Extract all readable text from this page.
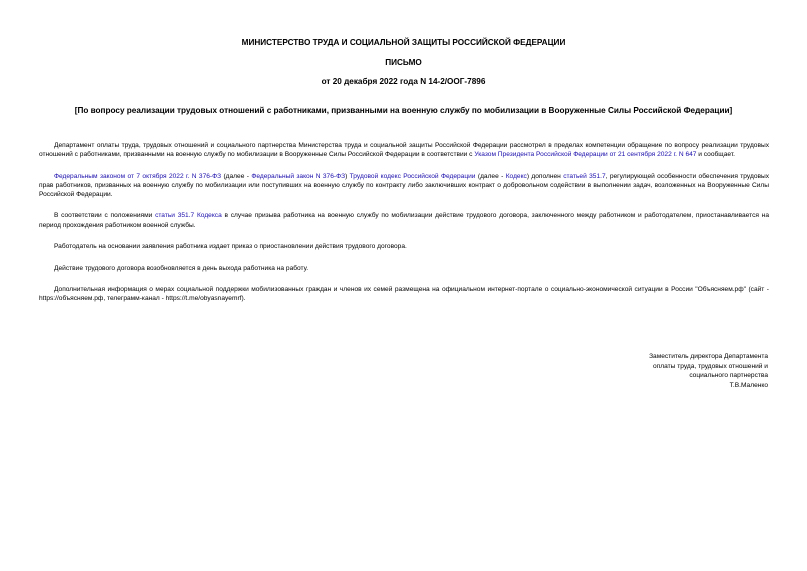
МИНИСТЕРСТВО ТРУДА И СОЦИАЛЬНОЙ ЗАЩИТЫ РОССИЙСКОЙ ФЕДЕРАЦИИ
ПИСЬМО
от 20 декабря 2022 года N 14-2/ООГ-7896
[По вопросу реализации трудовых отношений с работниками, призванными на военную службу по мобилизации в Вооруженные Силы Российской Федерации]

Департамент оплаты труда, трудовых отношений и социального партнерства Министерства труда и социальной защиты Российской Федерации рассмотрел в пределах компетенции обращение по вопросу реализации трудовых отношений с работниками, призванными на военную службу по мобилизации в Вооруженные Силы Российской Федерации в соответствии с Указом Президента Российской Федерации от 21 сентября 2022 г. N 647 и сообщает.

Федеральным законом от 7 октября 2022 г. N 376-ФЗ (далее - Федеральный закон N 376-ФЗ) Трудовой кодекс Российской Федерации (далее - Кодекс) дополнен статьей 351.7, регулирующей особенности обеспечения трудовых прав работников, призванных на военную службу по мобилизации или поступивших на военную службу по контракту либо заключивших контракт о добровольном содействии в выполнении задач, возложенных на Вооруженные Силы Российской Федерации.

В соответствии с положениями статьи 351.7 Кодекса в случае призыва работника на военную службу по мобилизации действие трудового договора, заключенного между работником и работодателем, приостанавливается на период прохождения работником военной службы.

Работодатель на основании заявления работника издает приказ о приостановлении действия трудового договора.

Действие трудового договора возобновляется в день выхода работника на работу.

Дополнительная информация о мерах социальной поддержки мобилизованных граждан и членов их семей размещена на официальном интернет-портале о социально-экономической ситуации в России "Объясняем.рф" (сайт - https://объясняем.рф, телеграмм-канал - https://t.me/obyasnayemrf).

Заместитель директора Департамента
оплаты труда, трудовых отношений и
социального партнерства
Т.В.Маленко
